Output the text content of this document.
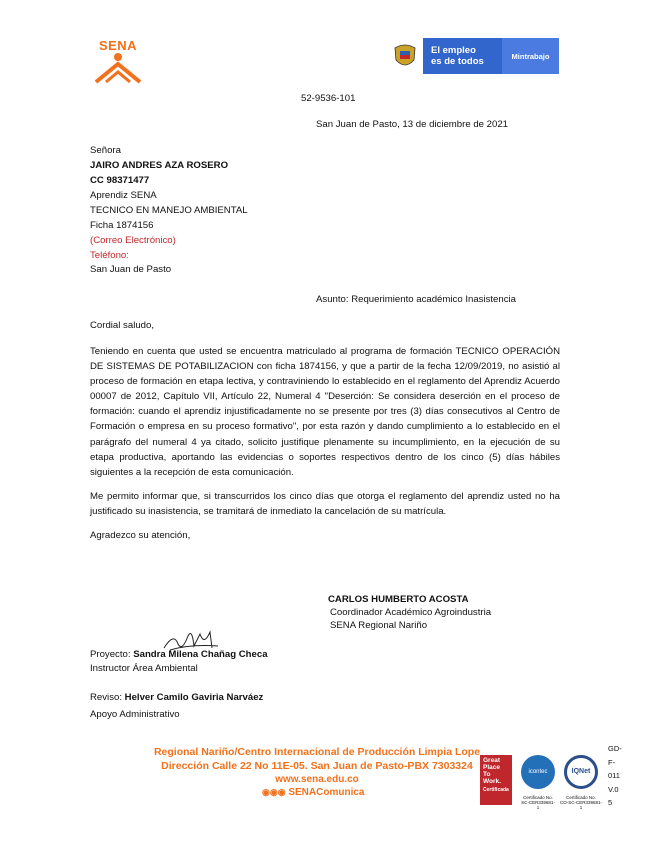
SENA	El empleo
es de todos	Mintrabajo
52-9536-101
San Juan de Pasto, 13 de diciembre de 2021
Señora
JAIRO ANDRES AZA ROSERO
CC 98371477
Aprendiz SENA
TECNICO EN MANEJO AMBIENTAL
Ficha 1874156
(Correo Electrónico)
Teléfono:
San Juan de Pasto
Asunto: Requerimiento académico Inasistencia
Cordial saludo,
Teniendo en cuenta que usted se encuentra matriculado al programa de formación TECNICO OPERACIÓN DE SISTEMAS DE POTABILIZACION con ficha 1874156, y que a partir de la fecha 12/09/2019, no asistió al proceso de formación en etapa lectiva, y contraviniendo lo establecido en el reglamento del Aprendiz Acuerdo 00007 de 2012, Capítulo VII, Artículo 22, Numeral 4 "Deserción: Se considera deserción en el proceso de formación: cuando el aprendiz injustificadamente no se presente por tres (3) días consecutivos al Centro de Formación o empresa en su proceso formativo", por esta razón y dando cumplimiento a lo establecido en el parágrafo del numeral 4 ya citado, solicito justifique plenamente su incumplimiento, en la ejecución de su etapa productiva, aportando las evidencias o soportes respectivos dentro de los cinco (5) días hábiles siguientes a la recepción de esta comunicación.
Me permito informar que, si transcurridos los cinco días que otorga el reglamento del aprendiz usted no ha justificado su inasistencia, se tramitará de inmediato la cancelación de su matrícula.
Agradezco su atención,
CARLOS HUMBERTO ACOSTA
Coordinador Académico Agroindustria
SENA Regional Nariño
Proyecto: Sandra Milena Chañag Checa
Instructor Área Ambiental
Reviso: Helver Camilo Gaviria Narváez
Apoyo Administrativo
Regional Nariño/Centro Internacional de Producción Limpia Lope
Dirección Calle 22 No 11E-05. San Juan de Pasto-PBX 7303324
www.sena.edu.co
◉◉◉ SENAComunica
Great
Place
To
Work.
Certificada
icontec
Certificado No.
SC-CER339681-1
IQNet
Certificado No.
CO-SC-CER339681-1
GD-
F-
011
V.0
5
